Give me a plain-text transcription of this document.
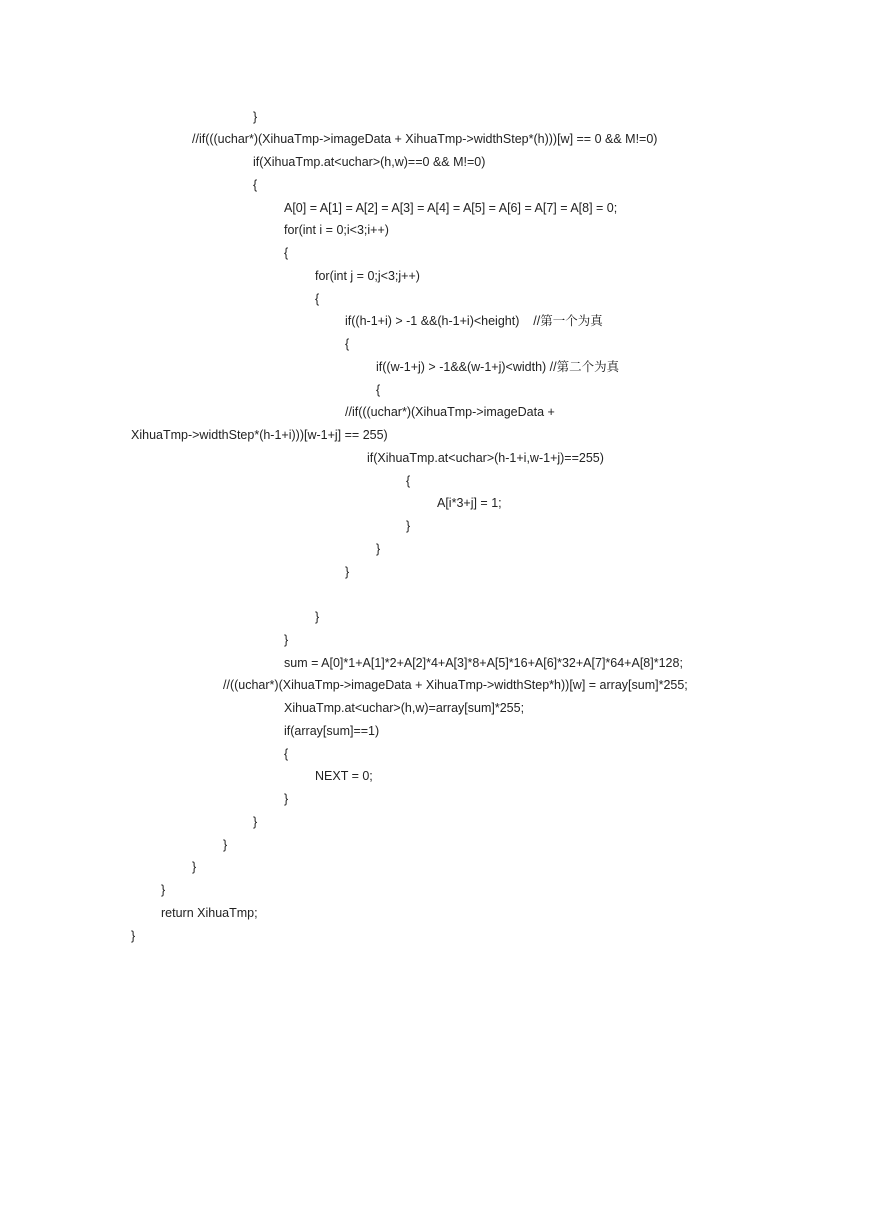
}
//if(((uchar*)(XihuaTmp->imageData + XihuaTmp->widthStep*(h)))[w] == 0 && M!=0)
if(XihuaTmp.at<uchar>(h,w)==0 && M!=0)
{
A[0] = A[1] = A[2] = A[3] = A[4] = A[5] = A[6] = A[7] = A[8] = 0;
for(int i = 0;i<3;i++)
{
for(int j = 0;j<3;j++)
{
if((h-1+i) > -1 &&(h-1+i)<height)    //第一个为真
{
if((w-1+j) > -1&&(w-1+j)<width) //第二个为真
{
//if(((uchar*)(XihuaTmp->imageData +
XihuaTmp->widthStep*(h-1+i)))[w-1+j] == 255)
if(XihuaTmp.at<uchar>(h-1+i,w-1+j)==255)
{
A[i*3+j] = 1;
}
}
}
}
}
sum = A[0]*1+A[1]*2+A[2]*4+A[3]*8+A[5]*16+A[6]*32+A[7]*64+A[8]*128;
//((uchar*)(XihuaTmp->imageData + XihuaTmp->widthStep*h))[w] = array[sum]*255;
XihuaTmp.at<uchar>(h,w)=array[sum]*255;
if(array[sum]==1)
{
NEXT = 0;
}
}
}
}
}
return XihuaTmp;
}
